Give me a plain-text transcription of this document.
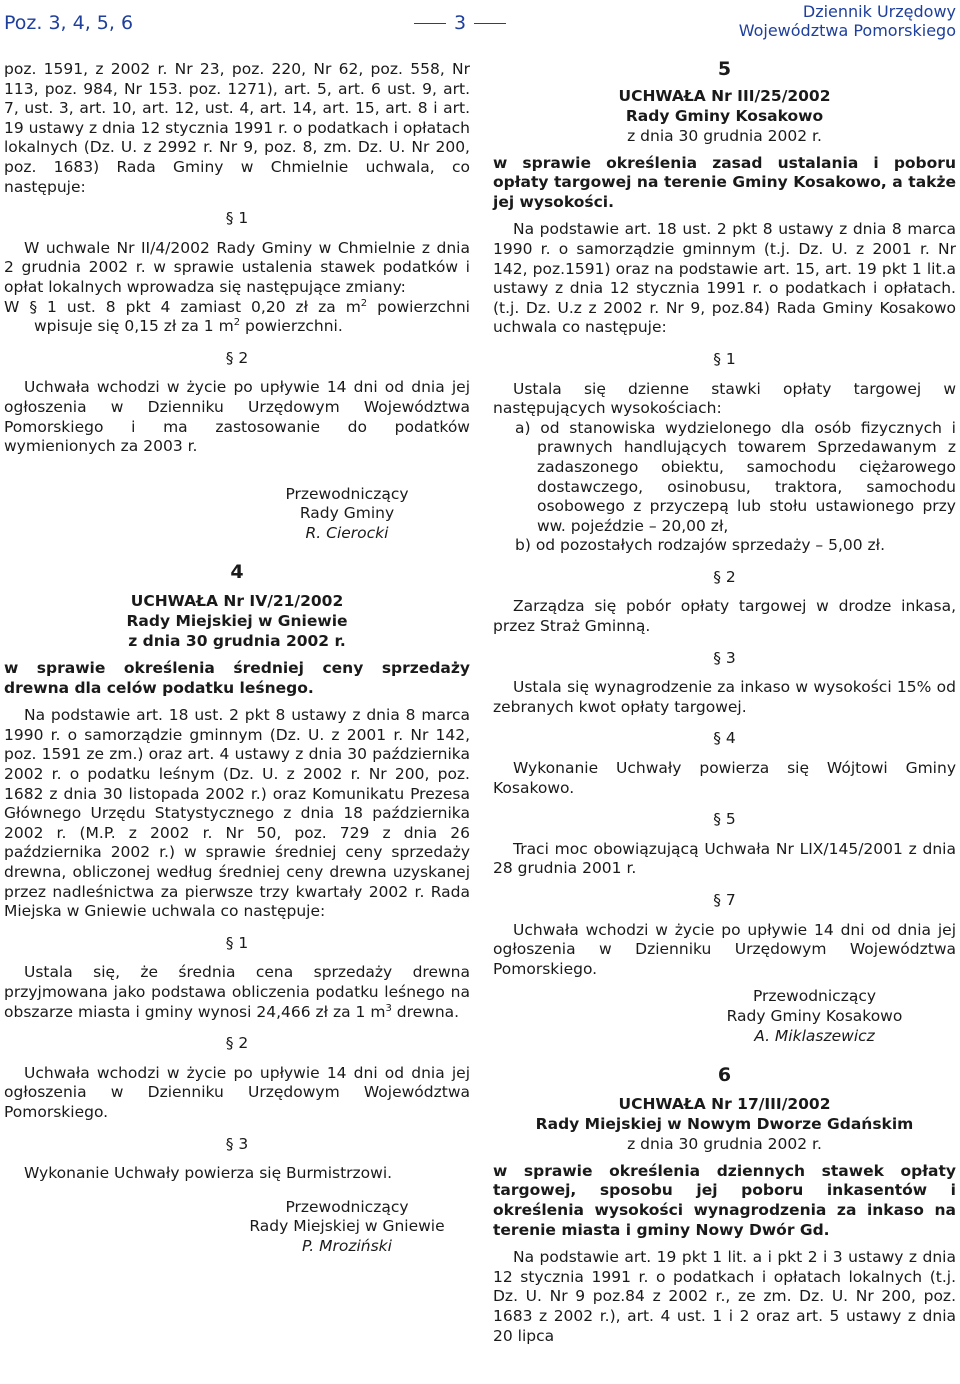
Poz. 3, 4, 5, 6	3
Dziennik Urzędowy
Województwa Pomorskiego

poz. 1591, z 2002 r. Nr 23, poz. 220, Nr 62, poz. 558, Nr 113, poz. 984, Nr 153. poz. 1271), art. 5, art. 6 ust. 9, art. 7, ust. 3, art. 10, art. 12, ust. 4, art. 14, art. 15, art. 8 i art. 19 ustawy z dnia 12 stycznia 1991 r. o podatkach i opłatach lokalnych (Dz. U. z 2992 r. Nr 9, poz. 8, zm. Dz. U. Nr 200, poz. 1683) Rada Gminy w Chmielnie uchwala, co następuje:

§ 1

W uchwale Nr II/4/2002 Rady Gminy w Chmielnie z dnia 2 grudnia 2002 r. w sprawie ustalenia stawek podatków i opłat lokalnych wprowadza się następujące zmiany:

W § 1 ust. 8 pkt 4 zamiast 0,20 zł za $m^2$ powierzchni wpisuje się 0,15 zł za 1 $m^2$ powierzchni.

§ 2

Uchwała wchodzi w życie po upływie 14 dni od dnia jej ogłoszenia w Dzienniku Urzędowym Województwa Pomorskiego i ma zastosowanie do podatków wymienionych za 2003 r.

Przewodniczący
Rady Gminy
R. Cierocki
4
UCHWAŁA Nr IV/21/2002
Rady Miejskiej w Gniewie
z dnia 30 grudnia 2002 r.

w sprawie określenia średniej ceny sprzedaży drewna dla celów podatku leśnego.

Na podstawie art. 18 ust. 2 pkt 8 ustawy z dnia 8 marca 1990 r. o samorządzie gminnym (Dz. U. z 2001 r. Nr 142, poz. 1591 ze zm.) oraz art. 4 ustawy z dnia 30 października 2002 r. o podatku leśnym (Dz. U. z 2002 r. Nr 200, poz. 1682 z dnia 30 listopada 2002 r.) oraz Komunikatu Prezesa Głównego Urzędu Statystycznego z dnia 18 października 2002 r. (M.P. z 2002 r. Nr 50, poz. 729 z dnia 26 października 2002 r.) w sprawie średniej ceny sprzedaży drewna, obliczonej według średniej ceny drewna uzyskanej przez nadleśnictwa za pierwsze trzy kwartały 2002 r. Rada Miejska w Gniewie uchwala co następuje:

§ 1

Ustala się, że średnia cena sprzedaży drewna przyjmowana jako podstawa obliczenia podatku leśnego na obszarze miasta i gminy wynosi 24,466 zł za 1 $m^3$ drewna.

§ 2

Uchwała wchodzi w życie po upływie 14 dni od dnia jej ogłoszenia w Dzienniku Urzędowym Województwa Pomorskiego.

§ 3

Wykonanie Uchwały powierza się Burmistrzowi.

Przewodniczący
Rady Miejskiej w Gniewie
P. Mroziński
5
UCHWAŁA Nr III/25/2002
Rady Gminy Kosakowo
z dnia 30 grudnia 2002 r.

w sprawie określenia zasad ustalania i poboru opłaty targowej na terenie Gminy Kosakowo, a także jej wysokości.

Na podstawie art. 18 ust. 2 pkt 8 ustawy z dnia 8 marca 1990 r. o samorządzie gminnym (t.j. Dz. U. z 2001 r. Nr 142, poz.1591) oraz na podstawie art. 15, art. 19 pkt 1 lit.a ustawy z dnia 12 stycznia 1991 r. o podatkach i opłatach. (t.j. Dz. U.z z 2002 r. Nr 9, poz.84) Rada Gminy Kosakowo uchwala co następuje:

§ 1

Ustala się dzienne stawki opłaty targowej w następujących wysokościach:

a) od stanowiska wydzielonego dla osób fizycznych i prawnych handlujących towarem Sprzedawanym z zadaszonego obiektu, samochodu ciężarowego dostawczego, osinobusu, traktora, samochodu osobowego z przyczepą lub stołu ustawionego przy ww. pojeździe – 20,00 zł,

b) od pozostałych rodzajów sprzedaży – 5,00 zł.

§ 2

Zarządza się pobór opłaty targowej w drodze inkasa, przez Straż Gminną.

§ 3

Ustala się wynagrodzenie za inkaso w wysokości 15% od zebranych kwot opłaty targowej.

§ 4

Wykonanie Uchwały powierza się Wójtowi Gminy Kosakowo.

§ 5

Traci moc obowiązującą Uchwała Nr LIX/145/2001 z dnia 28 grudnia 2001 r.

§ 7

Uchwała wchodzi w życie po upływie 14 dni od dnia jej ogłoszenia w Dzienniku Urzędowym Województwa Pomorskiego.

Przewodniczący
Rady Gminy Kosakowo
A. Miklaszewicz
6
UCHWAŁA Nr 17/III/2002
Rady Miejskiej w Nowym Dworze Gdańskim
z dnia 30 grudnia 2002 r.

w sprawie określenia dziennych stawek opłaty targowej, sposobu jej poboru inkasentów i określenia wysokości wynagrodzenia za inkaso na terenie miasta i gminy Nowy Dwór Gd.

Na podstawie art. 19 pkt 1 lit. a i pkt 2 i 3 ustawy z dnia 12 stycznia 1991 r. o podatkach i opłatach lokalnych (t.j. Dz. U. Nr 9 poz.84 z 2002 r., ze zm. Dz. U. Nr 200, poz. 1683 z 2002 r.), art. 4 ust. 1 i 2 oraz art. 5 ustawy z dnia 20 lipca
